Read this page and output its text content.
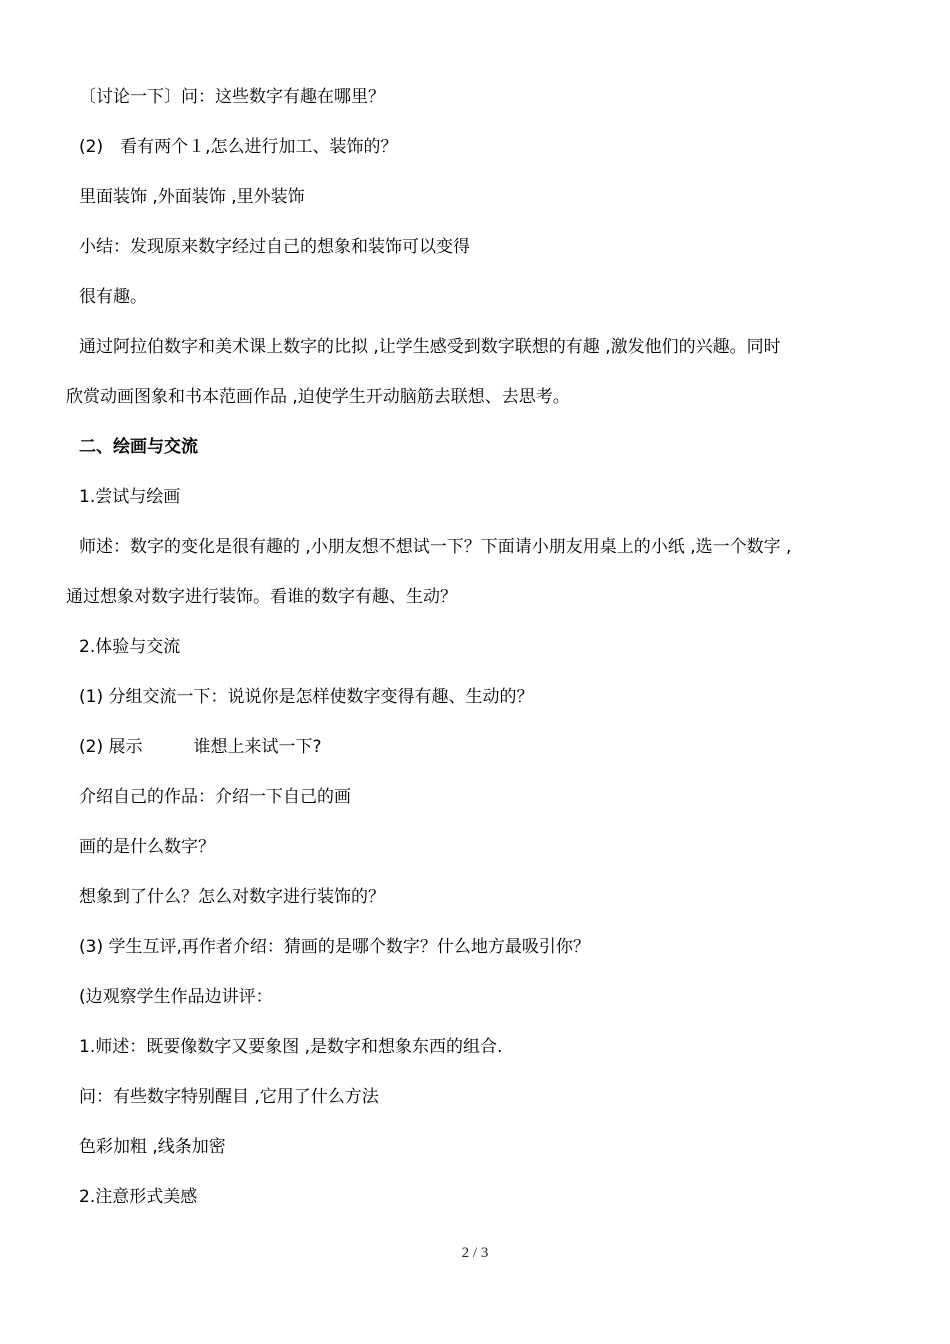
〔讨论一下〕问：这些数字有趣在哪里？
(2)　看有两个１,怎么进行加工、装饰的？
里面装饰 ,外面装饰 ,里外装饰
小结：发现原来数字经过自己的想象和装饰可以变得
很有趣。
通过阿拉伯数字和美术课上数字的比拟 ,让学生感受到数字联想的有趣 ,激发他们的兴趣。同时
欣赏动画图象和书本范画作品 ,迫使学生开动脑筋去联想、去思考。
二、绘画与交流
1.尝试与绘画
师述：数字的变化是很有趣的 ,小朋友想不想试一下？下面请小朋友用桌上的小纸 ,选一个数字 ,
通过想象对数字进行装饰。看谁的数字有趣、生动？
2.体验与交流
(1) 分组交流一下：说说你是怎样使数字变得有趣、生动的？
(2) 展示　　　谁想上来试一下?
介绍自己的作品：介绍一下自己的画
画的是什么数字？
想象到了什么？怎么对数字进行装饰的？
(3) 学生互评,再作者介绍：猜画的是哪个数字？什么地方最吸引你？
(边观察学生作品边讲评：
1.师述：既要像数字又要象图 ,是数字和想象东西的组合.
问：有些数字特别醒目 ,它用了什么方法
色彩加粗 ,线条加密
2.注意形式美感
2 / 3
